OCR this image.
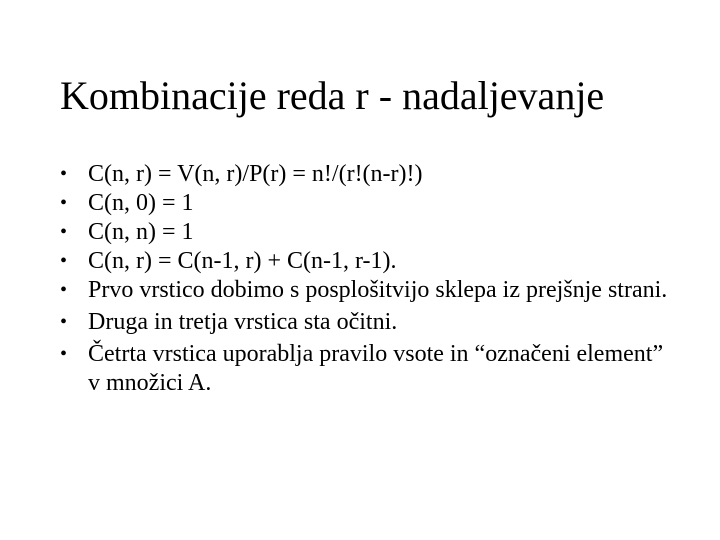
Kombinacije reda r - nadaljevanje
• C(n, r) = V(n, r)/P(r) = n!/(r!(n-r)!)
• C(n, 0) = 1
• C(n, n) = 1
• C(n, r) = C(n-1, r) + C(n-1, r-1).
• Prvo vrstico dobimo s posplošitvijo sklepa iz prejšnje strani.
• Druga in tretja vrstica sta očitni.
• Četrta vrstica uporablja pravilo vsote in “označeni element” v množici A.
